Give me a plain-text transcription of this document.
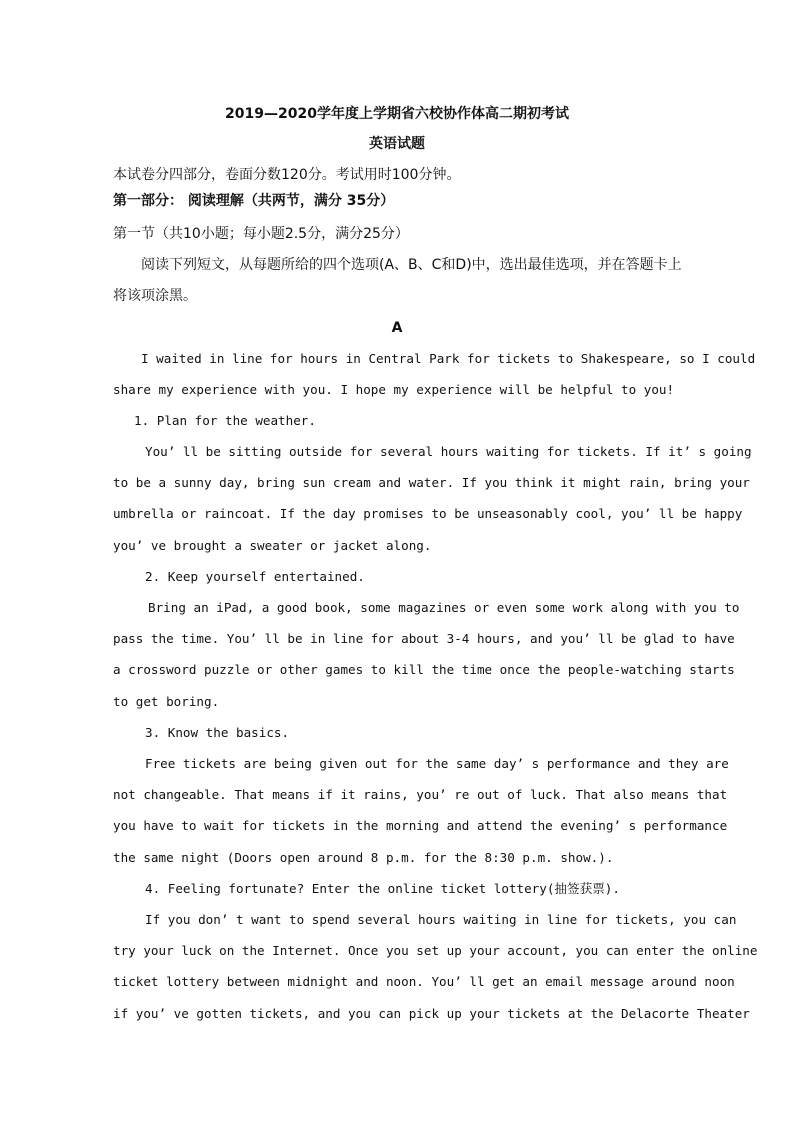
2019—2020学年度上学期省六校协作体高二期初考试
英语试题
本试卷分四部分，卷面分数120分。考试用时100分钟。
第一部分： 阅读理解（共两节，满分 35分）
第一节（共10小题；每小题2.5分，满分25分）
阅读下列短文，从每题所给的四个选项(A、B、C和D)中，选出最佳选项，并在答题卡上
将该项涂黑。
A
I waited in line for hours in Central Park for tickets to Shakespeare, so I could
share my experience with you. I hope my experience will be helpful to you!
1. Plan for the weather.
You’ ll be sitting outside for several hours waiting for tickets. If it’ s going
to be a sunny day, bring sun cream and water. If you think it might rain, bring your
umbrella or raincoat. If the day promises to be unseasonably cool, you’ ll be happy
you’ ve brought a sweater or jacket along.
2. Keep yourself entertained.
Bring an iPad, a good book, some magazines or even some work along with you to
pass the time. You’ ll be in line for about 3-4 hours, and you’ ll be glad to have
a crossword puzzle or other games to kill the time once the people-watching starts
to get boring.
3. Know the basics.
Free tickets are being given out for the same day’ s performance and they are
not changeable. That means if it rains, you’ re out of luck. That also means that
you have to wait for tickets in the morning and attend the evening’ s performance
the same night (Doors open around 8 p.m. for the 8:30 p.m. show.).
4. Feeling fortunate? Enter the online ticket lottery(抽签获票).
If you don’ t want to spend several hours waiting in line for tickets, you can
try your luck on the Internet. Once you set up your account, you can enter the online
ticket lottery between midnight and noon. You’ ll get an email message around noon
if you’ ve gotten tickets, and you can pick up your tickets at the Delacorte Theater
